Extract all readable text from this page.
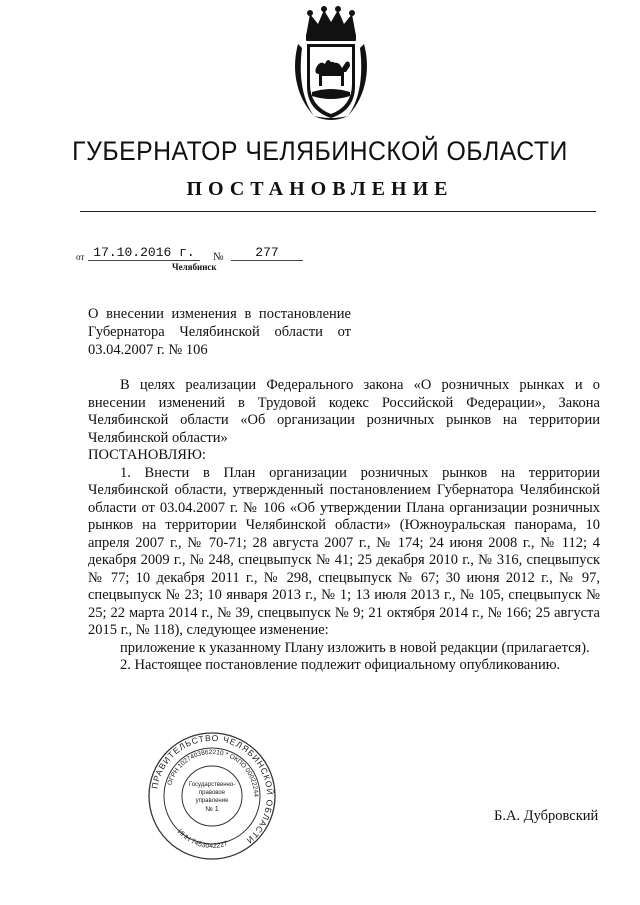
ГУБЕРНАТОР ЧЕЛЯБИНСКОЙ ОБЛАСТИ
ПОСТАНОВЛЕНИЕ
от 17.10.2016 г.	№	277
Челябинск
О внесении изменения в постановление Губернатора Челябинской области от 03.04.2007 г. № 106

В целях реализации Федерального закона «О розничных рынках и о внесении изменений в Трудовой кодекс Российской Федерации», Закона Челябинской области «Об организации розничных рынков на территории Челябинской области»

ПОСТАНОВЛЯЮ:

1. Внести в План организации розничных рынков на территории Челябинской области, утвержденный постановлением Губернатора Челябинской области от 03.04.2007 г. № 106 «Об утверждении Плана организации розничных рынков на территории Челябинской области» (Южноуральская панорама, 10 апреля 2007 г., № 70-71; 28 августа 2007 г., № 174; 24 июня 2008 г., № 112; 4 декабря 2009 г., № 248, спецвыпуск № 41; 25 декабря 2010 г., № 316, спецвыпуск № 77; 10 декабря 2011 г., № 298, спецвыпуск № 67; 30 июня 2012 г., № 97, спецвыпуск № 23; 10 января 2013 г., № 1; 13 июля 2013 г., № 105, спецвыпуск № 25; 22 марта 2014 г., № 39, спецвыпуск № 9; 21 октября 2014 г., № 166; 25 августа 2015 г., № 118), следующее изменение:

приложение к указанному Плану изложить в новой редакции (прилагается).

2. Настоящее постановление подлежит официальному опубликованию.

ПРАВИТЕЛЬСТВО ЧЕЛЯБИНСКОЙ ОБЛАСТИ
ОГРН 1027403862210 * ОКПО 00022244
ИНН 7453042227
Государственно-
правовое
управление
№ 1	Б.А. Дубровский
